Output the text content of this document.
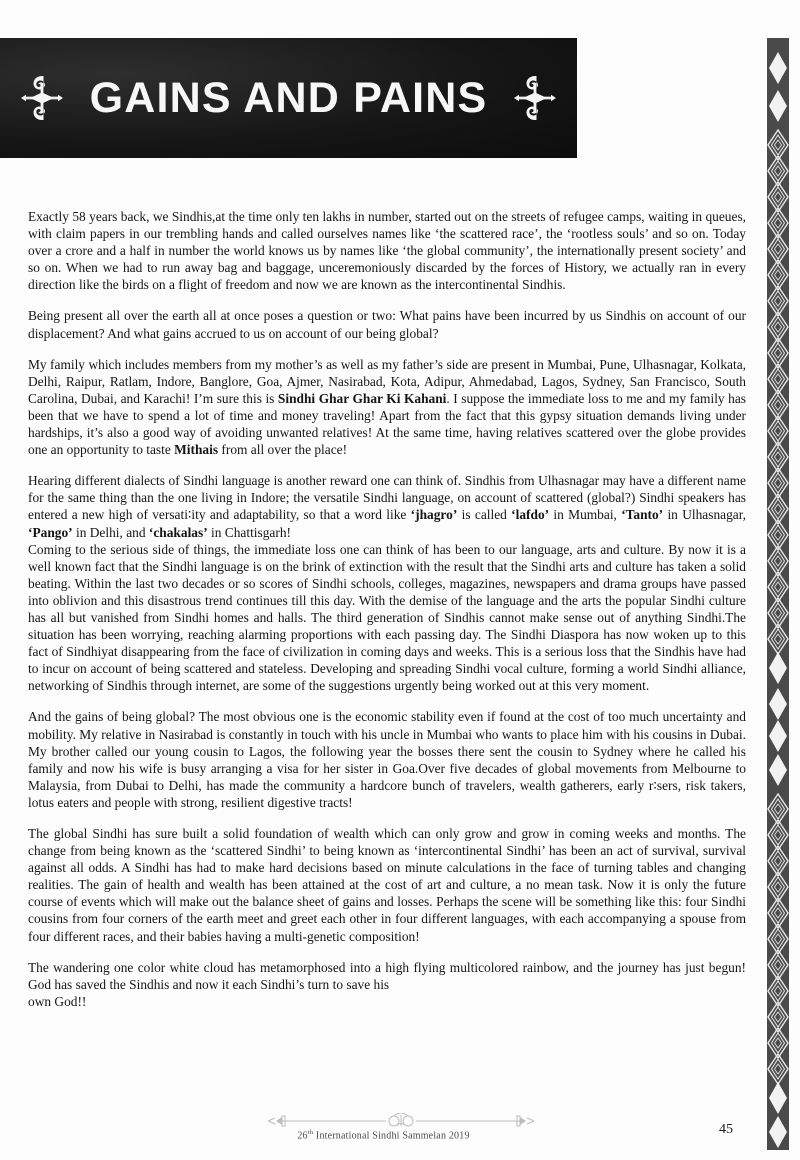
GAINS AND PAINS

Exactly 58 years back, we Sindhis,at the time only ten lakhs in number, started out on the streets of refugee camps, waiting in queues, with claim papers in our trembling hands and called ourselves names like ‘the scattered race’, the ‘rootless souls’ and so on. Today over a crore and a half in number the world knows us by names like ‘the global community’, the internationally present society’ and so on. When we had to run away bag and baggage, unceremoniously discarded by the forces of History, we actually ran in every direction like the birds on a flight of freedom and now we are known as the intercontinental Sindhis.

Being present all over the earth all at once poses a question or two: What pains have been incurred by us Sindhis on account of our displacement? And what gains accrued to us on account of our being global?

My family which includes members from my mother’s as well as my father’s side are present in Mumbai, Pune, Ulhasnagar, Kolkata, Delhi, Raipur, Ratlam, Indore, Banglore, Goa, Ajmer, Nasirabad, Kota, Adipur, Ahmedabad, Lagos, Sydney, San Francisco, South Carolina, Dubai, and Karachi! I’m sure this is Sindhi Ghar Ghar Ki Kahani. I suppose the immediate loss to me and my family has been that we have to spend a lot of time and money traveling! Apart from the fact that this gypsy situation demands living under hardships, it’s also a good way of avoiding unwanted relatives! At the same time, having relatives scattered over the globe provides one an opportunity to taste Mithais from all over the place!

Hearing different dialects of Sindhi language is another reward one can think of. Sindhis from Ulhasnagar may have a different name for the same thing than the one living in Indore; the versatile Sindhi language, on account of scattered (global?) Sindhi speakers has entered a new high of versati∶ity and adaptability, so that a word like ‘jhagro’ is called ‘lafdo’ in Mumbai, ‘Tanto’ in Ulhasnagar, ‘Pango’ in Delhi, and ‘chakalas’ in Chattisgarh!

Coming to the serious side of things, the immediate loss one can think of has been to our language, arts and culture. By now it is a well known fact that the Sindhi language is on the brink of extinction with the result that the Sindhi arts and culture has taken a solid beating. Within the last two decades or so scores of Sindhi schools, colleges, magazines, newspapers and drama groups have passed into oblivion and this disastrous trend continues till this day. With the demise of the language and the arts the popular Sindhi culture has all but vanished from Sindhi homes and halls. The third generation of Sindhis cannot make sense out of anything Sindhi.The situation has been worrying, reaching alarming proportions with each passing day. The Sindhi Diaspora has now woken up to this fact of Sindhiyat disappearing from the face of civilization in coming days and weeks. This is a serious loss that the Sindhis have had to incur on account of being scattered and stateless. Developing and spreading Sindhi vocal culture, forming a world Sindhi alliance, networking of Sindhis through internet, are some of the suggestions urgently being worked out at this very moment.

And the gains of being global? The most obvious one is the economic stability even if found at the cost of too much uncertainty and mobility. My relative in Nasirabad is constantly in touch with his uncle in Mumbai who wants to place him with his cousins in Dubai. My brother called our young cousin to Lagos, the following year the bosses there sent the cousin to Sydney where he called his family and now his wife is busy arranging a visa for her sister in Goa.Over five decades of global movements from Melbourne to Malaysia, from Dubai to Delhi, has made the community a hardcore bunch of travelers, wealth gatherers, early r∶sers, risk takers, lotus eaters and people with strong, resilient digestive tracts!

The global Sindhi has sure built a solid foundation of wealth which can only grow and grow in coming weeks and months. The change from being known as the ‘scattered Sindhi’ to being known as ‘intercontinental Sindhi’ has been an act of survival, survival against all odds. A Sindhi has had to make hard decisions based on minute calculations in the face of turning tables and changing realities. The gain of health and wealth has been attained at the cost of art and culture, a no mean task. Now it is only the future course of events which will make out the balance sheet of gains and losses. Perhaps the scene will be something like this: four Sindhi cousins from four corners of the earth meet and greet each other in four different languages, with each accompanying a spouse from four different races, and their babies having a multi-genetic composition!

The wandering one color white cloud has metamorphosed into a high flying multicolored rainbow, and the journey has just begun! God has saved the Sindhis and now it each Sindhi’s turn to save his
own God!!

26th International Sindhi Sammelan 2019	45
